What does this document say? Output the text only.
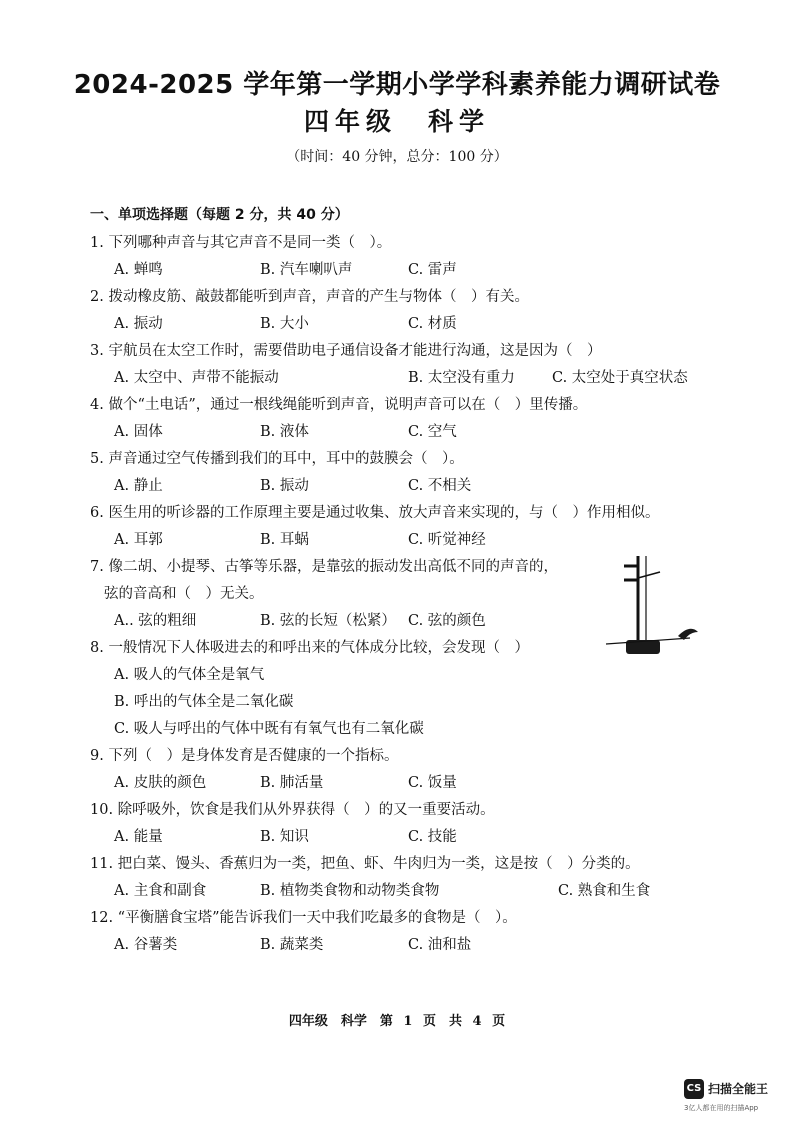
2024-2025 学年第一学期小学学科素养能力调研试卷
四年级　科学
（时间：40 分钟，总分：100 分）
一、单项选择题（每题 2 分，共 40 分）
1. 下列哪种声音与其它声音不是同一类（　）。
A. 蝉鸣	B. 汽车喇叭声	C. 雷声
2. 拨动橡皮筋、敲鼓都能听到声音，声音的产生与物体（　）有关。
A. 振动	B. 大小	C. 材质
3. 宇航员在太空工作时，需要借助电子通信设备才能进行沟通，这是因为（　）
A. 太空中、声带不能振动	B. 太空没有重力	C. 太空处于真空状态
4. 做个“土电话”，通过一根线绳能听到声音，说明声音可以在（　）里传播。
A. 固体	B. 液体	C. 空气
5. 声音通过空气传播到我们的耳中，耳中的鼓膜会（　）。
A. 静止	B. 振动	C. 不相关
6. 医生用的听诊器的工作原理主要是通过收集、放大声音来实现的，与（　）作用相似。
A. 耳郭	B. 耳蜗	C. 听觉神经
7. 像二胡、小提琴、古筝等乐器，是靠弦的振动发出高低不同的声音的，
弦的音高和（　）无关。
A.. 弦的粗细	B. 弦的长短（松紧） C. 弦的颜色
8. 一般情况下人体吸进去的和呼出来的气体成分比较，会发现（　）
A. 吸人的气体全是氧气
B. 呼出的气体全是二氧化碳
C. 吸人与呼出的气体中既有有氧气也有二氧化碳
9. 下列（　）是身体发育是否健康的一个指标。
A. 皮肤的颜色	B. 肺活量	C. 饭量
10. 除呼吸外，饮食是我们从外界获得（　）的又一重要活动。
A. 能量	B. 知识	C. 技能
11. 把白菜、馒头、香蕉归为一类，把鱼、虾、牛肉归为一类，这是按（　）分类的。
A. 主食和副食	B. 植物类食物和动物类食物	C. 熟食和生食
12. “平衡膳食宝塔”能告诉我们一天中我们吃最多的食物是（　）。
A. 谷薯类	B. 蔬菜类	C. 油和盐
四年级　科学　第 1 页　共 4 页
CS 扫描全能王
3亿人都在用的扫描App
